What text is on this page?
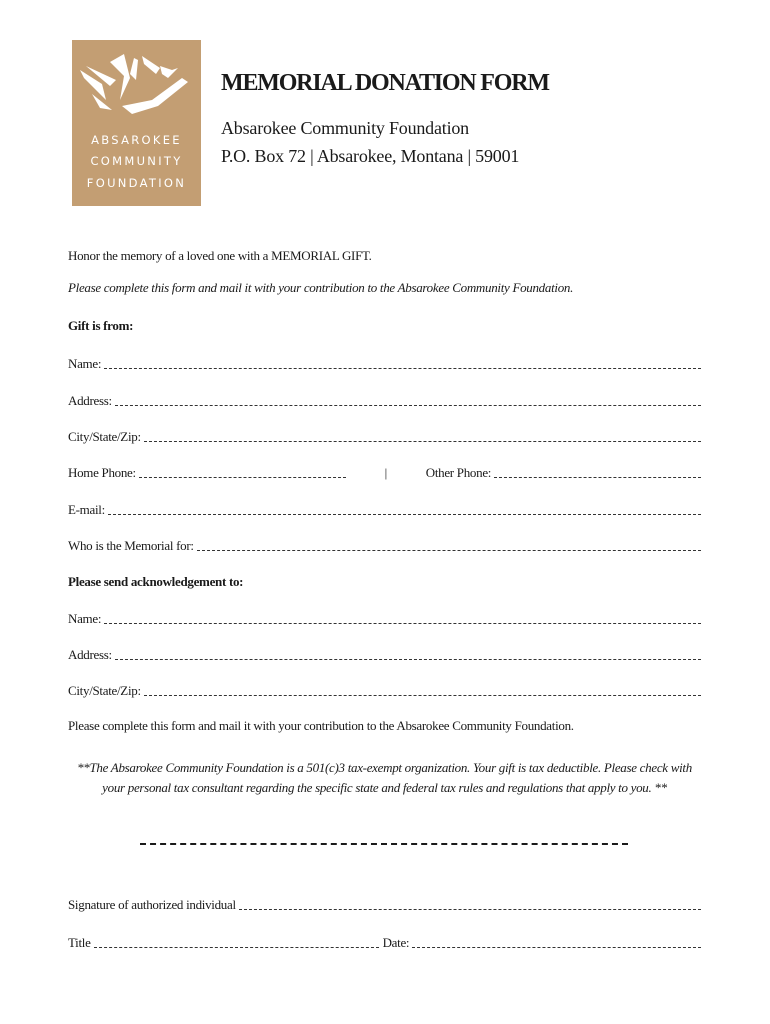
ABSAROKEE
COMMUNITY
FOUNDATION
MEMORIAL DONATION FORM
Absarokee Community Foundation
P.O. Box 72 | Absarokee, Montana | 59001
Honor the memory of a loved one with a MEMORIAL GIFT.
Please complete this form and mail it with your contribution to the Absarokee Community Foundation.
Gift is from:
Name:
Address:
City/State/Zip:
Home Phone:	|	Other Phone:
E-mail:
Who is the Memorial for:
Please send acknowledgement to:
Name:
Address:
City/State/Zip:
Please complete this form and mail it with your contribution to the Absarokee Community Foundation.
**The Absarokee Community Foundation is a 501(c)3 tax-exempt organization. Your gift is tax deductible. Please check with your personal tax consultant regarding the specific state and federal tax rules and regulations that apply to you. **
Signature of authorized individual
Title	Date:
